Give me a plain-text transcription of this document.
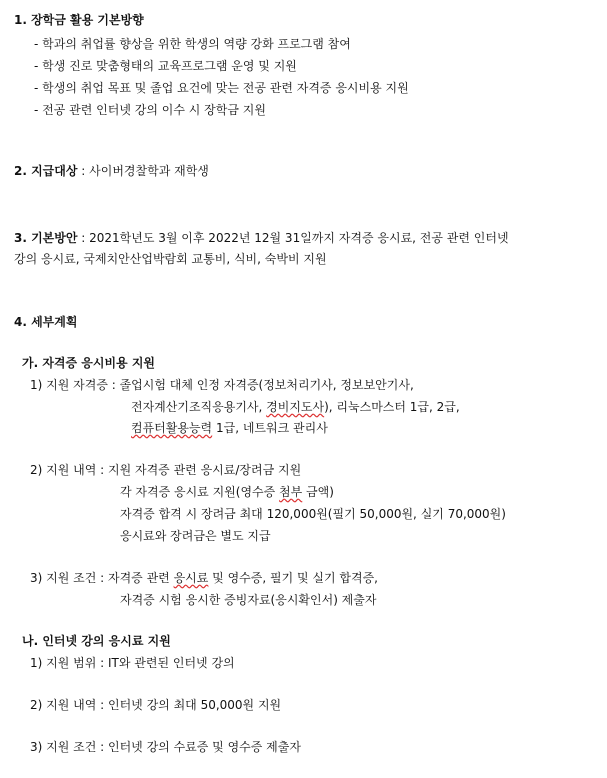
1. 장학금 활용 기본방향
- 학과의 취업률 향상을 위한 학생의 역량 강화 프로그램 참여
- 학생 진로 맞춤형태의 교육프로그램 운영 및 지원
- 학생의 취업 목표 및 졸업 요건에 맞는 전공 관련 자격증 응시비용 지원
- 전공 관련 인터넷 강의 이수 시 장학금 지원
2. 지급대상 : 사이버경찰학과 재학생
3. 기본방안 : 2021학년도 3월 이후 2022년 12월 31일까지 자격증 응시료, 전공 관련 인터넷
강의 응시료, 국제치안산업박람회 교통비, 식비, 숙박비 지원
4. 세부계획
가. 자격증 응시비용 지원
1) 지원 자격증 : 졸업시험 대체 인정 자격증(정보처리기사, 정보보안기사,
전자계산기조직응용기사, 경비지도사), 리눅스마스터 1급, 2급,
컴퓨터활용능력 1급, 네트워크 관리사
2) 지원 내역 : 지원 자격증 관련 응시료/장려금 지원
각 자격증 응시료 지원(영수증 첨부 금액)
자격증 합격 시 장려금 최대 120,000원(필기 50,000원, 실기 70,000원)
응시료와 장려금은 별도 지급
3) 지원 조건 : 자격증 관련 응시료 및 영수증, 필기 및 실기 합격증,
자격증 시험 응시한 증빙자료(응시확인서) 제출자
나. 인터넷 강의 응시료 지원
1) 지원 범위 : IT와 관련된 인터넷 강의
2) 지원 내역 : 인터넷 강의 최대 50,000원 지원
3) 지원 조건 : 인터넷 강의 수료증 및 영수증 제출자
